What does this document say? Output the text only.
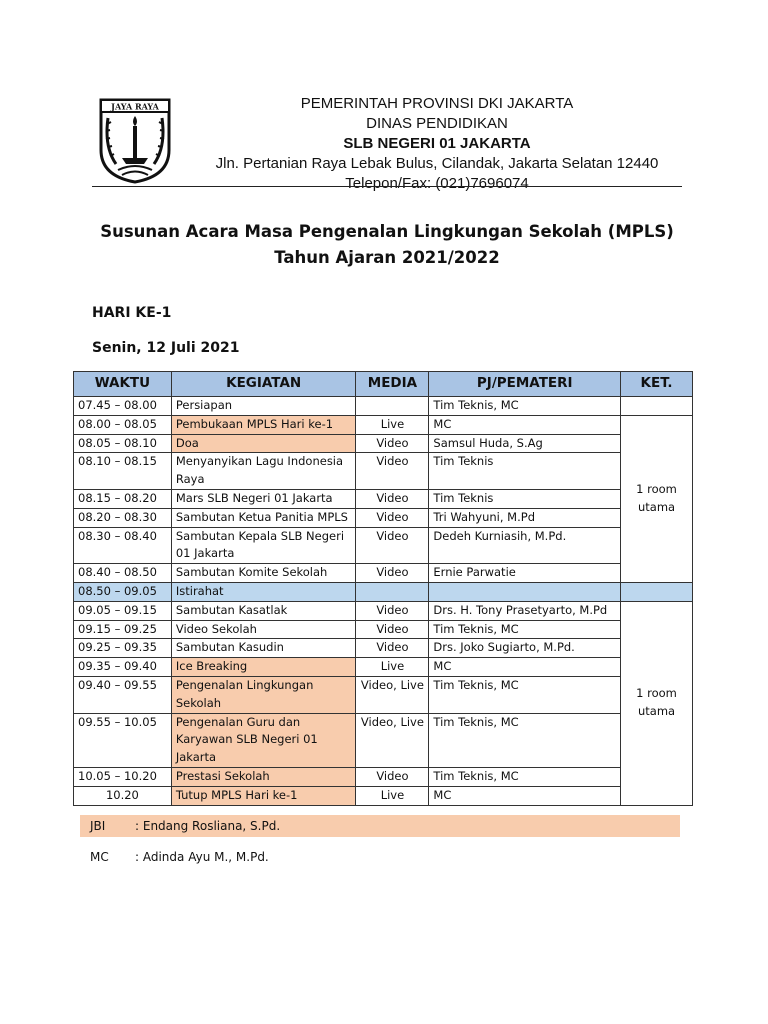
JAYA RAYA	PEMERINTAH PROVINSI DKI JAKARTA
DINAS PENDIDIKAN
SLB NEGERI 01 JAKARTA
Jln. Pertanian Raya Lebak Bulus, Cilandak, Jakarta Selatan 12440
Telepon/Fax: (021)7696074
Susunan Acara Masa Pengenalan Lingkungan Sekolah (MPLS)
Tahun Ajaran 2021/2022
HARI KE-1
Senin, 12 Juli 2021
WAKTU	KEGIATAN	MEDIA	PJ/PEMATERI	KET.
07.45 – 08.00	Persiapan		Tim Teknis, MC	
08.00 – 08.05	Pembukaan MPLS Hari ke-1	Live	MC	1 room utama
08.05 – 08.10	Doa	Video	Samsul Huda, S.Ag	
08.10 – 08.15	Menyanyikan Lagu Indonesia Raya	Video	Tim Teknis	
08.15 – 08.20	Mars SLB Negeri 01 Jakarta	Video	Tim Teknis	
08.20 – 08.30	Sambutan Ketua Panitia MPLS	Video	Tri Wahyuni, M.Pd	
08.30 – 08.40	Sambutan Kepala SLB Negeri 01 Jakarta	Video	Dedeh Kurniasih, M.Pd.	
08.40 – 08.50	Sambutan Komite Sekolah	Video	Ernie Parwatie	
08.50 – 09.05	Istirahat			
09.05 – 09.15	Sambutan Kasatlak	Video	Drs. H. Tony Prasetyarto, M.Pd	1 room utama
09.15 – 09.25	Video Sekolah	Video	Tim Teknis, MC	
09.25 – 09.35	Sambutan Kasudin	Video	Drs. Joko Sugiarto, M.Pd.	
09.35 – 09.40	Ice Breaking	Live	MC	
09.40 – 09.55	Pengenalan Lingkungan Sekolah	Video, Live	Tim Teknis, MC	
09.55 – 10.05	Pengenalan Guru dan Karyawan SLB Negeri 01 Jakarta	Video, Live	Tim Teknis, MC	
10.05 – 10.20	Prestasi Sekolah	Video	Tim Teknis, MC	
10.20	Tutup MPLS Hari ke-1	Live	MC	
JBI : Endang Rosliana, S.Pd.
MC : Adinda Ayu M., M.Pd.
